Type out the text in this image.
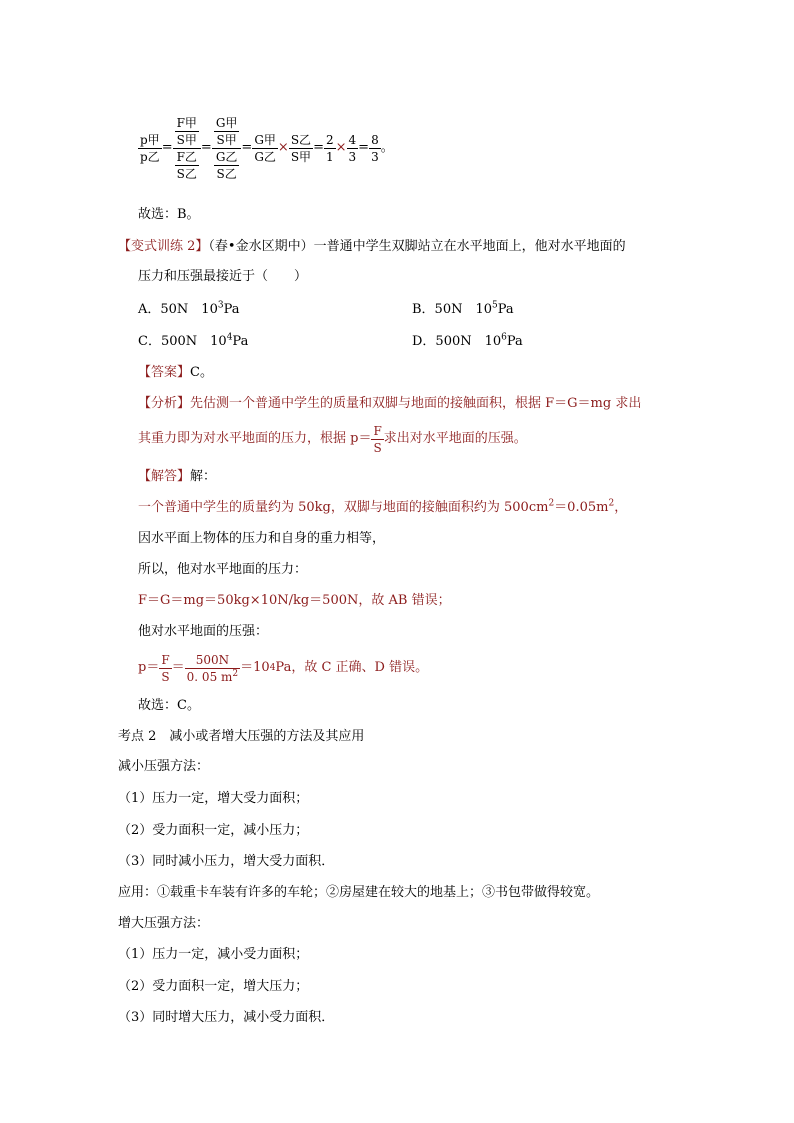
$\frac{\text{p甲}}{\text{p乙}} = \frac{\frac{\text{F甲}}{\text{S甲}}}{\frac{\text{F乙}}{\text{S乙}}} = \frac{\frac{\text{G甲}}{\text{S甲}}}{\frac{\text{G乙}}{\text{S乙}}} = \frac{\text{G甲}}{\text{G乙}} \times \frac{\text{S乙}}{\text{S甲}} = \frac{2}{1} \times \frac{4}{3} = \frac{8}{3}$ 。
故选：B。
【变式训练 2】（春•金水区期中）一普通中学生双脚站立在水平地面上，他对水平地面的
压力和压强最接近于（　　）
A．50N　$10^3Pa$	B．50N　$10^5Pa$
C．500N　$10^4Pa$	D．500N　$10^6Pa$
【答案】C。
【分析】先估测一个普通中学生的质量和双脚与地面的接触面积，根据 F＝G＝mg 求出
其重力即为对水平地面的压力，根据 $p= \frac{F}{S}$ 求出对水平地面的压强。
【解答】解：
一个普通中学生的质量约为 50kg，双脚与地面的接触面积约为 $500cm^2=0.05m^2$，
因水平面上物体的压力和自身的重力相等，
所以，他对水平地面的压力：
F＝G＝mg＝50kg×10N/kg＝500N，故 AB 错误；
他对水平地面的压强：
$p= \frac{F}{S} = \frac{500N}{0. 05 m^2} =10$ 4 Pa，故 C 正确、D 错误。
故选：C。
考点 2　减小或者增大压强的方法及其应用
减小压强方法：
（1）压力一定，增大受力面积；
（2）受力面积一定，减小压力；
（3）同时减小压力，增大受力面积．
应用：①载重卡车装有许多的车轮；②房屋建在较大的地基上；③书包带做得较宽。
增大压强方法：
（1）压力一定，减小受力面积；
（2）受力面积一定，增大压力；
（3）同时增大压力，减小受力面积．
